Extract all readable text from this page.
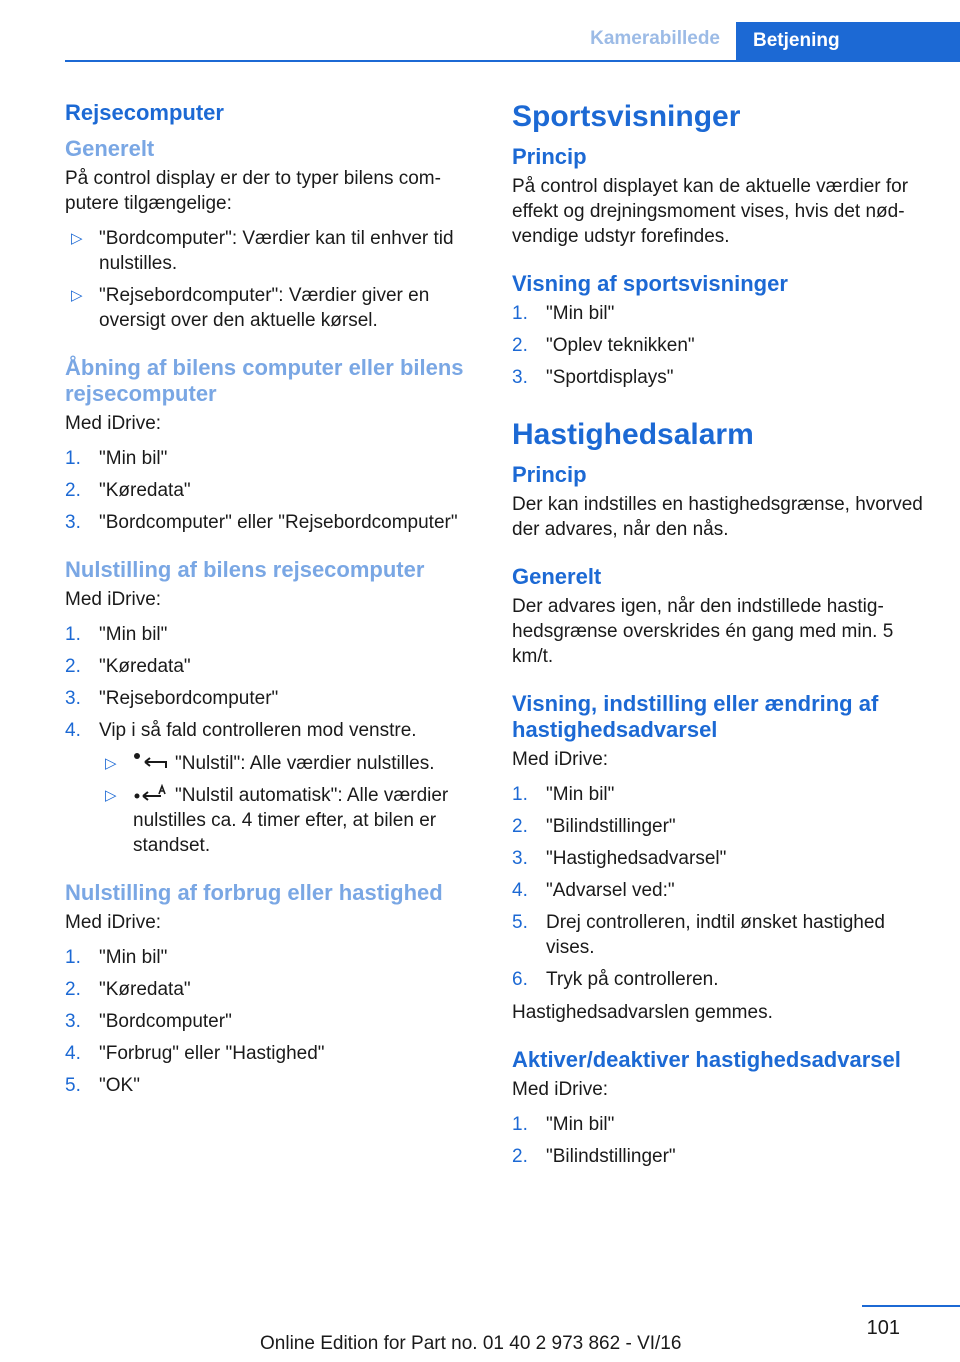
Kamerabillede	Betjening
Rejsecomputer
Generelt

På control display er der to typer bilens computere tilgængelige:

▷ "Bordcomputer": Værdier kan til enhver tid nulstilles.
▷ "Rejsebordcomputer": Værdier giver en oversigt over den aktuelle kørsel.
Åbning af bilens computer eller bilens rejsecomputer

Med iDrive:

1. "Min bil"
2. "Køredata"
3. "Bordcomputer" eller "Rejsebordcomputer"
Nulstilling af bilens rejsecomputer

Med iDrive:

1. "Min bil"
2. "Køredata"
3. "Rejsebordcomputer"
4. Vip i så fald controlleren mod venstre.
▷	"Nulstil": Alle værdier nulstilles.
▷	"Nulstil automatisk": Alle værdier nulstilles ca. 4 timer efter, at bilen er standset.
Nulstilling af forbrug eller hastighed

Med iDrive:

1. "Min bil"
2. "Køredata"
3. "Bordcomputer"
4. "Forbrug" eller "Hastighed"
5. "OK"
Sportsvisninger
Princip

På control displayet kan de aktuelle værdier for effekt og drejningsmoment vises, hvis det nødvendige udstyr forefindes.

Visning af sportsvisninger
1. "Min bil"
2. "Oplev teknikken"
3. "Sportdisplays"
Hastighedsalarm
Princip

Der kan indstilles en hastighedsgrænse, hvorved der advares, når den nås.

Generelt

Der advares igen, når den indstillede hastighedsgrænse overskrides én gang med min. 5 km/t.

Visning, indstilling eller ændring af hastighedsadvarsel

Med iDrive:

1. "Min bil"
2. "Bilindstillinger"
3. "Hastighedsadvarsel"
4. "Advarsel ved:"
5. Drej controlleren, indtil ønsket hastighed vises.
6. Tryk på controlleren.

Hastighedsadvarslen gemmes.

Aktiver/deaktiver hastighedsadvarsel

Med iDrive:

1. "Min bil"
2. "Bilindstillinger"
101
Online Edition for Part no. 01 40 2 973 862 - VI/16
